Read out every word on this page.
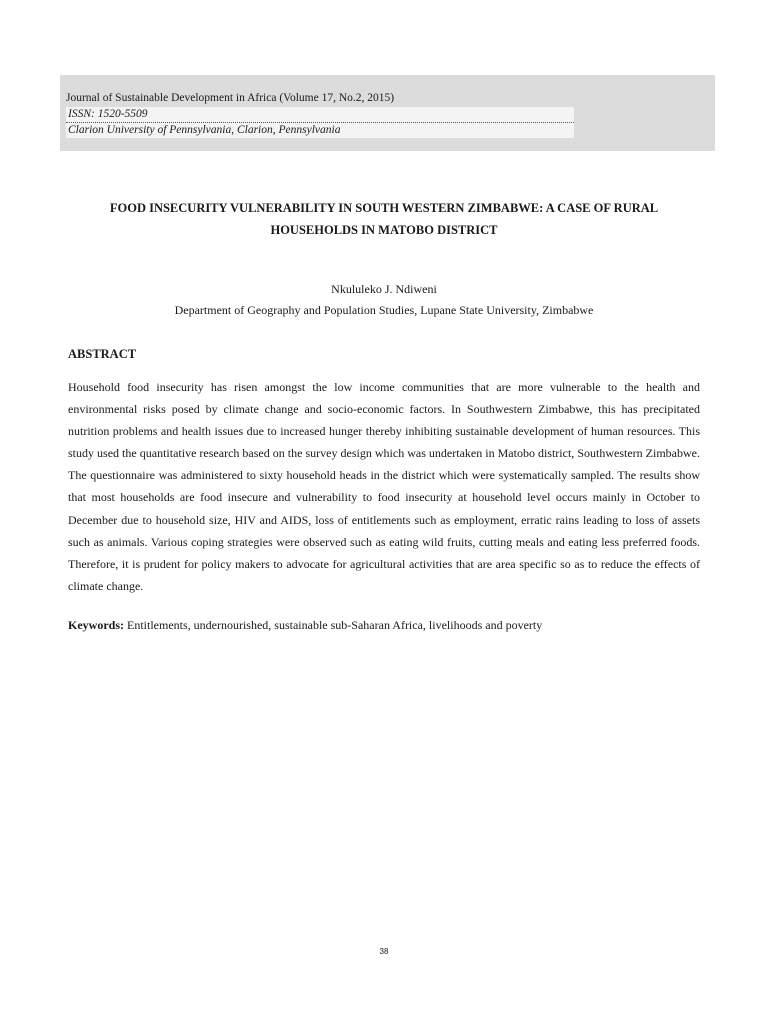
Journal of Sustainable Development in Africa (Volume 17, No.2, 2015)
ISSN: 1520-5509
Clarion University of Pennsylvania, Clarion, Pennsylvania
FOOD INSECURITY VULNERABILITY IN SOUTH WESTERN ZIMBABWE: A CASE OF RURAL
HOUSEHOLDS IN MATOBO DISTRICT
Nkululeko J. Ndiweni
Department of Geography and Population Studies, Lupane State University, Zimbabwe
ABSTRACT
Household food insecurity has risen amongst the low income communities that are more vulnerable to the health and environmental risks posed by climate change and socio-economic factors. In Southwestern Zimbabwe, this has precipitated nutrition problems and health issues due to increased hunger thereby inhibiting sustainable development of human resources. This study used the quantitative research based on the survey design which was undertaken in Matobo district, Southwestern Zimbabwe. The questionnaire was administered to sixty household heads in the district which were systematically sampled. The results show that most households are food insecure and vulnerability to food insecurity at household level occurs mainly in October to December due to household size, HIV and AIDS, loss of entitlements such as employment, erratic rains leading to loss of assets such as animals. Various coping strategies were observed such as eating wild fruits, cutting meals and eating less preferred foods. Therefore, it is prudent for policy makers to advocate for agricultural activities that are area specific so as to reduce the effects of climate change.
Keywords: Entitlements, undernourished, sustainable sub-Saharan Africa, livelihoods and poverty
38
